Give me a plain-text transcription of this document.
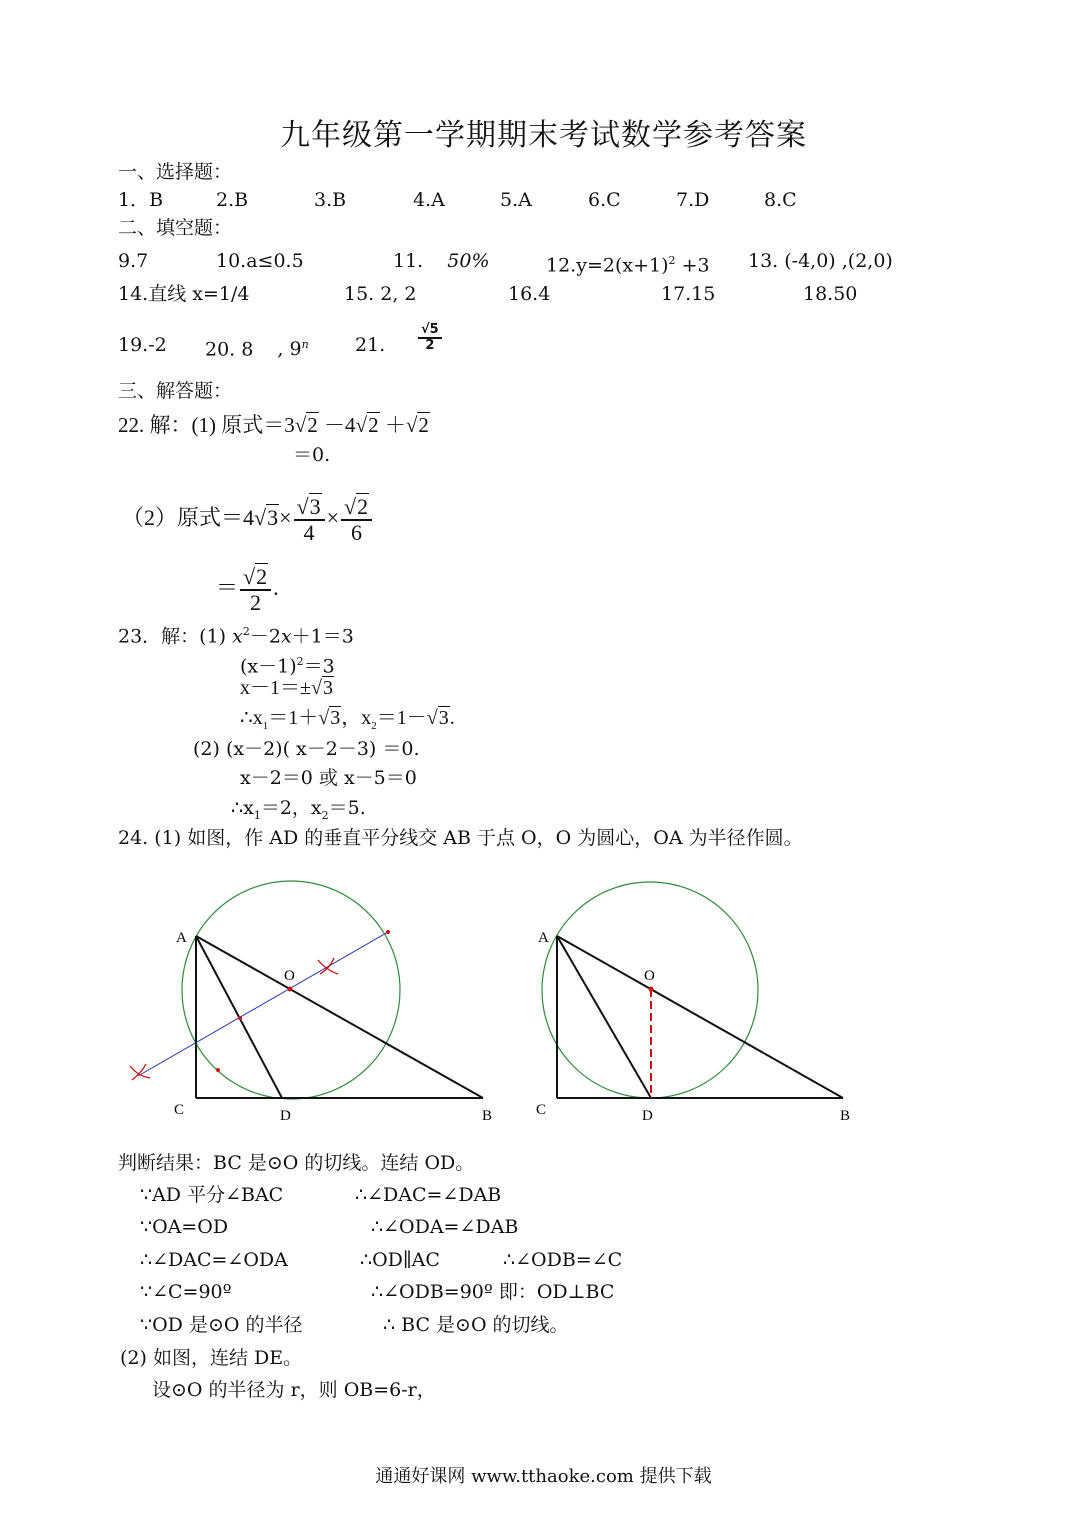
九年级第一学期期末考试数学参考答案
一、选择题：
1．B	2.B	3.B	4.A	5.A	6.C	7.D	8.C
二、填空题：
9.7	10.a≤0.5	11. 50%	$12.y=2(x+1)^2 +3$ 13. (-4,0) ,(2,0)
14.直线 x=1/4	15. 2, 2	16.4	17.15	18.50
19.-2 20. 8 , 9$^n$ 21.	$\frac{√5}{2}$
三、解答题：
22. 解：(1) 原式＝3√2 －4√2 ＋√2
＝0.
（2）原式$=4√3\times \frac{√3}{4} \times \frac{√2}{6}$
＝ $\frac{√2}{2}$ .
23．解：(1) $x^2-2x+1=3$
$(x-1)^2=3$
x－1＝±√3
$\therefore x_1=1+√3$，$x_2=1-√3$.
(2) (x－2)( x－2－3) ＝0.
x－2＝0 或 x－5＝0
$\therefore x_1=2$，$x_2=5$.
24. (1) 如图，作 AD 的垂直平分线交 AB 于点 O，O 为圆心，OA 为半径作圆。
A
O
C	D	B
A
O
C	D	B
判断结果：BC 是⊙O 的切线。连结 OD。
∵AD 平分∠BAC	∴∠DAC=∠DAB
∵OA=OD	∴∠ODA=∠DAB
∴∠DAC=∠ODA	∴OD∥AC	∴∠ODB=∠C
∵∠C=90º	∴∠ODB=90º 即：OD⊥BC
∵OD 是⊙O 的半径	∴ BC 是⊙O 的切线。
(2) 如图，连结 DE。
设⊙O 的半径为 r，则 OB=6-r，
通通好课网 www.tthaoke.com 提供下载
